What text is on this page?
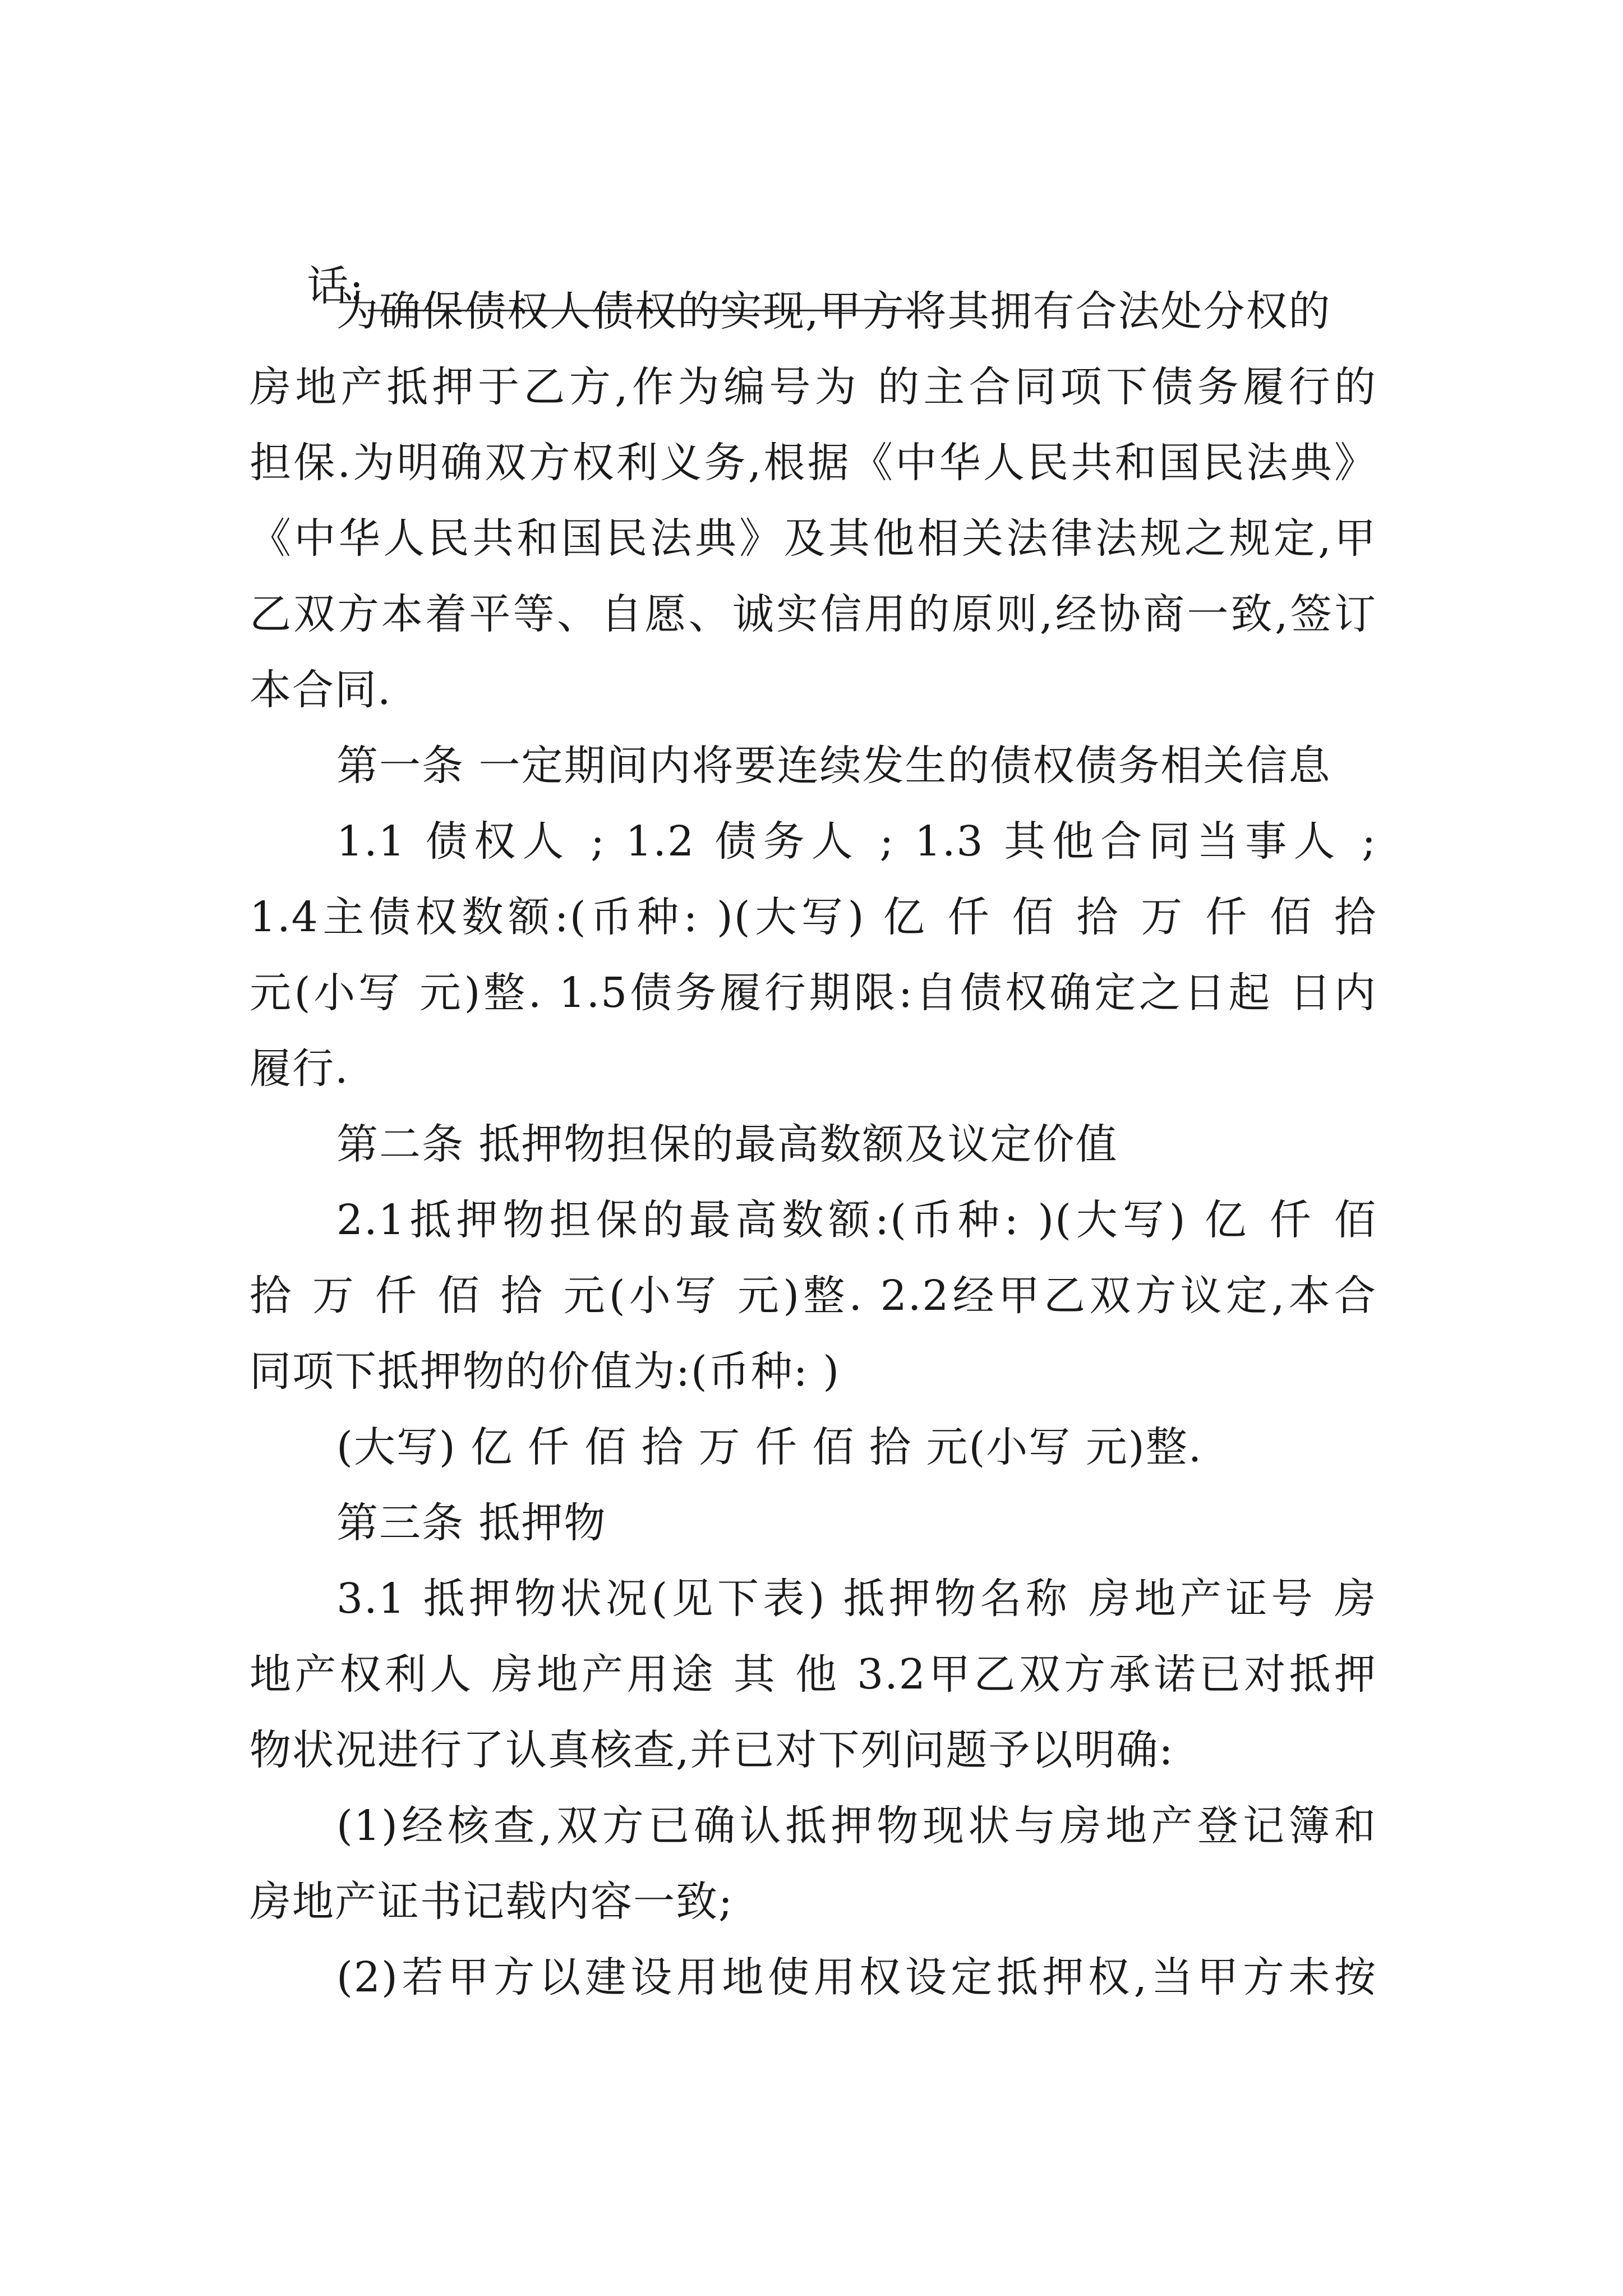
话:

为确保债权人债权的实现,甲方将其拥有合法处分权的
房地产抵押于乙方,作为编号为 的主合同项下债务履行的
担保.为明确双方权利义务,根据《中华人民共和国民法典》
《中华人民共和国民法典》及其他相关法律法规之规定,甲
乙双方本着平等、自愿、诚实信用的原则,经协商一致,签订
本合同.
第一条 一定期间内将要连续发生的债权债务相关信息
1.1 债权人 ; 1.2 债务人 ; 1.3 其他合同当事人 ;
1.4主债权数额:(币种: )(大写) 亿 仟 佰 拾 万 仟 佰 拾
元(小写 元)整. 1.5债务履行期限:自债权确定之日起 日内
履行.
第二条 抵押物担保的最高数额及议定价值
2.1抵押物担保的最高数额:(币种: )(大写) 亿 仟 佰
拾 万 仟 佰 拾 元(小写 元)整. 2.2经甲乙双方议定,本合
同项下抵押物的价值为:(币种: )
(大写) 亿 仟 佰 拾 万 仟 佰 拾 元(小写 元)整.
第三条 抵押物
3.1 抵押物状况(见下表) 抵押物名称 房地产证号 房
地产权利人 房地产用途 其 他 3.2甲乙双方承诺已对抵押
物状况进行了认真核查,并已对下列问题予以明确:
(1)经核查,双方已确认抵押物现状与房地产登记簿和
房地产证书记载内容一致;
(2)若甲方以建设用地使用权设定抵押权,当甲方未按
